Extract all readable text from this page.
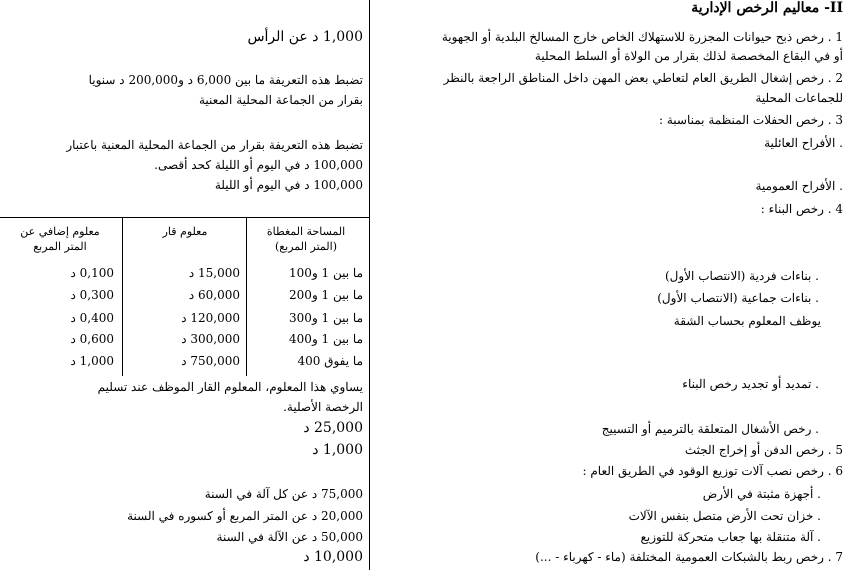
II- معاليم الرخص الإدارية
1 . رخص ذبح حيوانات المجزرة للاستهلاك الخاص خارج المسالخ البلدية أو الجهوية
أو في البقاع المخصصة لذلك بقرار من الولاة أو السلط المحلية
2 . رخص إشغال الطريق العام لتعاطي بعض المهن داخل المناطق الراجعة بالنظر
للجماعات المحلية
3 . رخص الحفلات المنظمة بمناسبة :
. الأفراح العائلية
. الأفراح العمومية
4 . رخص البناء :
. بناءات فردية (الانتصاب الأول)
. بناءات جماعية (الانتصاب الأول)
يوظف المعلوم بحساب الشقة
. تمديد أو تجديد رخص البناء
. رخص الأشغال المتعلقة بالترميم أو التسييج
5 . رخص الدفن أو إخراج الجثث
6 . رخص نصب آلات توزيع الوقود في الطريق العام :
. أجهزة مثبتة في الأرض
. خزان تحت الأرض متصل بنفس الآلات
. آلة متنقلة بها جعاب متحركة للتوزيع
7 . رخص ربط بالشبكات العمومية المختلفة (ماء - كهرباء - ...)
1,000 د عن الرأس
تضبط هذه التعريفة ما بين 6,000 د و200,000 د سنويا
بقرار من الجماعة المحلية المعنية
تضبط هذه التعريفة بقرار من الجماعة المحلية المعنية باعتبار
100,000 د في اليوم أو الليلة كحد أقصى.
100,000 د في اليوم أو الليلة
المساحة المغطاة (المتر المربع)
معلوم قار
معلوم إضافي عن المتر المربع
ما بين 1 و100
15,000 د
0,100 د
ما بين 1 و200
60,000 د
0,300 د
ما بين 1 و300
120,000 د
0,400 د
ما بين 1 و400
300,000 د
0,600 د
ما يفوق 400
750,000 د
1,000 د
يساوي هذا المعلوم، المعلوم القار الموظف عند تسليم
الرخصة الأصلية.
25,000 د
1,000 د
75,000 د عن كل آلة في السنة
20,000 د عن المتر المربع أو كسوره في السنة
50,000 د عن الآلة في السنة
10,000 د
